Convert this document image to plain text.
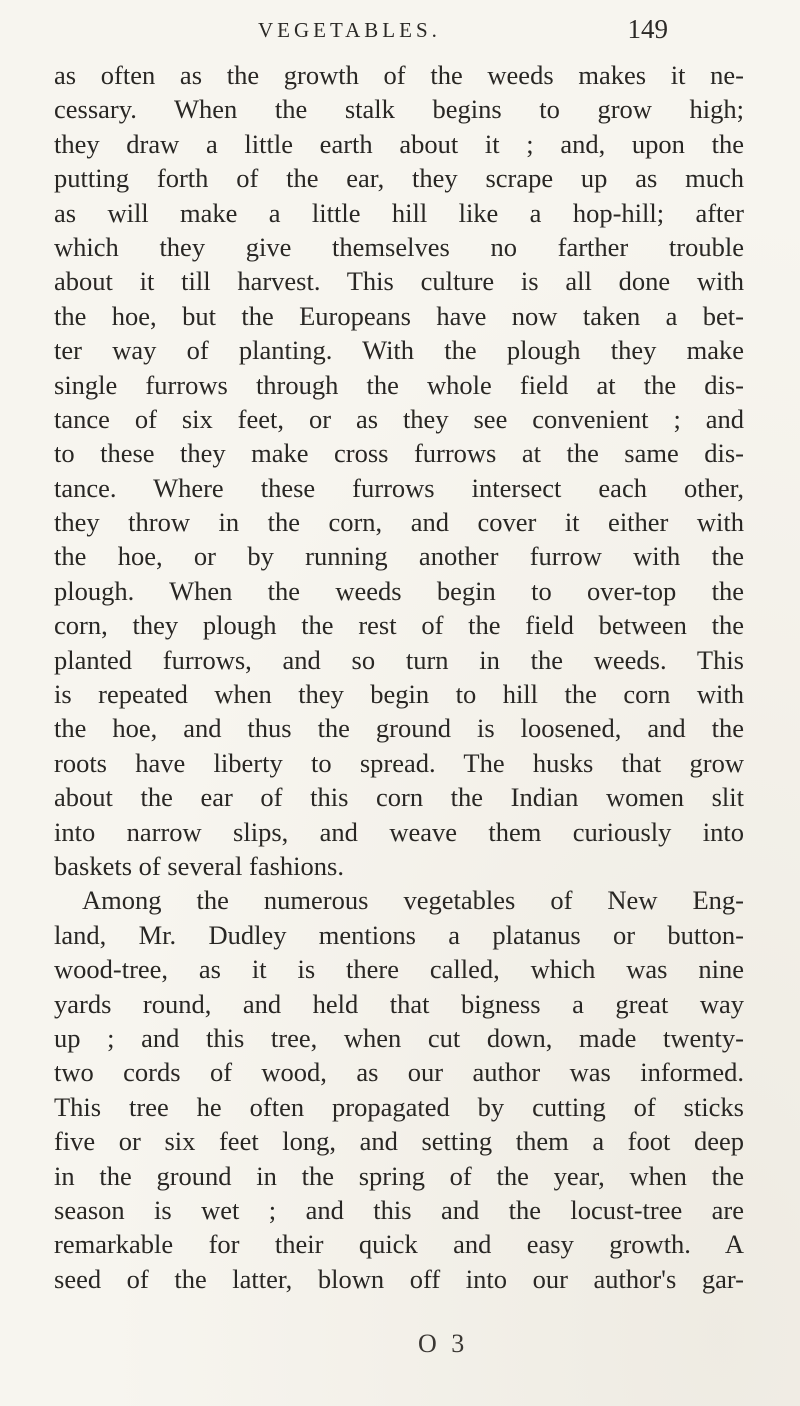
VEGETABLES.	149
as often as the growth of the weeds makes it ne-
cessary. When the stalk begins to grow high;
they draw a little earth about it ; and, upon the
putting forth of the ear, they scrape up as much
as will make a little hill like a hop-hill; after
which they give themselves no farther trouble
about it till harvest. This culture is all done with
the hoe, but the Europeans have now taken a bet-
ter way of planting. With the plough they make
single furrows through the whole field at the dis-
tance of six feet, or as they see convenient ; and
to these they make cross furrows at the same dis-
tance. Where these furrows intersect each other,
they throw in the corn, and cover it either with
the hoe, or by running another furrow with the
plough. When the weeds begin to over-top the
corn, they plough the rest of the field between the
planted furrows, and so turn in the weeds. This
is repeated when they begin to hill the corn with
the hoe, and thus the ground is loosened, and the
roots have liberty to spread. The husks that grow
about the ear of this corn the Indian women slit
into narrow slips, and weave them curiously into
baskets of several fashions.
Among the numerous vegetables of New Eng-
land, Mr. Dudley mentions a platanus or button-
wood-tree, as it is there called, which was nine
yards round, and held that bigness a great way
up ; and this tree, when cut down, made twenty-
two cords of wood, as our author was informed.
This tree he often propagated by cutting of sticks
five or six feet long, and setting them a foot deep
in the ground in the spring of the year, when the
season is wet ; and this and the locust-tree are
remarkable for their quick and easy growth. A
seed of the latter, blown off into our author's gar-
O 3
